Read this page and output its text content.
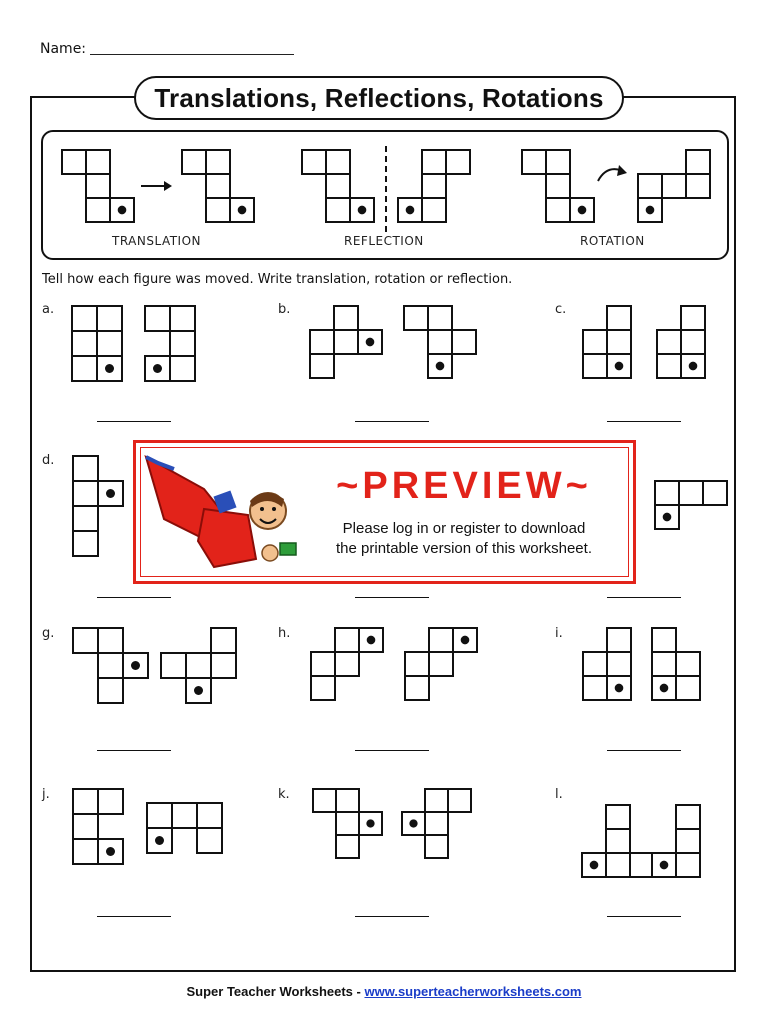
Name:
Translations, Reflections, Rotations
TRANSLATION	REFLECTION	ROTATION
Tell how each figure was moved. Write translation, rotation or reflection.
a.	b.	c.
d.
g.	h.	i.
j.	k.	l.
~PREVIEW~
Please log in or register to download
the printable version of this worksheet.
Super Teacher Worksheets - www.superteacherworksheets.com
